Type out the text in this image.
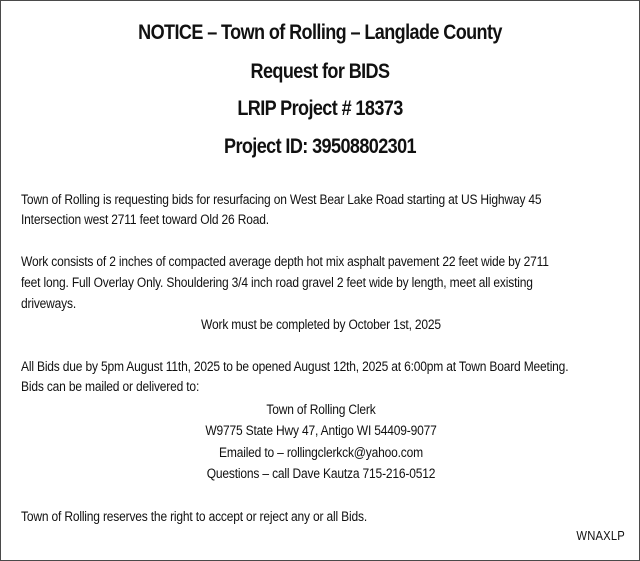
NOTICE – Town of Rolling – Langlade County
Request for BIDS
LRIP Project # 18373
Project ID: 39508802301
Town of Rolling is requesting bids for resurfacing on West Bear Lake Road starting at US Highway 45
Intersection west 2711 feet toward Old 26 Road.
Work consists of 2 inches of compacted average depth hot mix asphalt pavement 22 feet wide by 2711
feet long. Full Overlay Only. Shouldering 3/4 inch road gravel 2 feet wide by length, meet all existing
driveways.
Work must be completed by October 1st, 2025
All Bids due by 5pm August 11th, 2025 to be opened August 12th, 2025 at 6:00pm at Town Board Meeting.
Bids can be mailed or delivered to:
Town of Rolling Clerk
W9775 State Hwy 47, Antigo WI 54409-9077
Emailed to – rollingclerkck@yahoo.com
Questions – call Dave Kautza 715-216-0512
Town of Rolling reserves the right to accept or reject any or all Bids.
WNAXLP
